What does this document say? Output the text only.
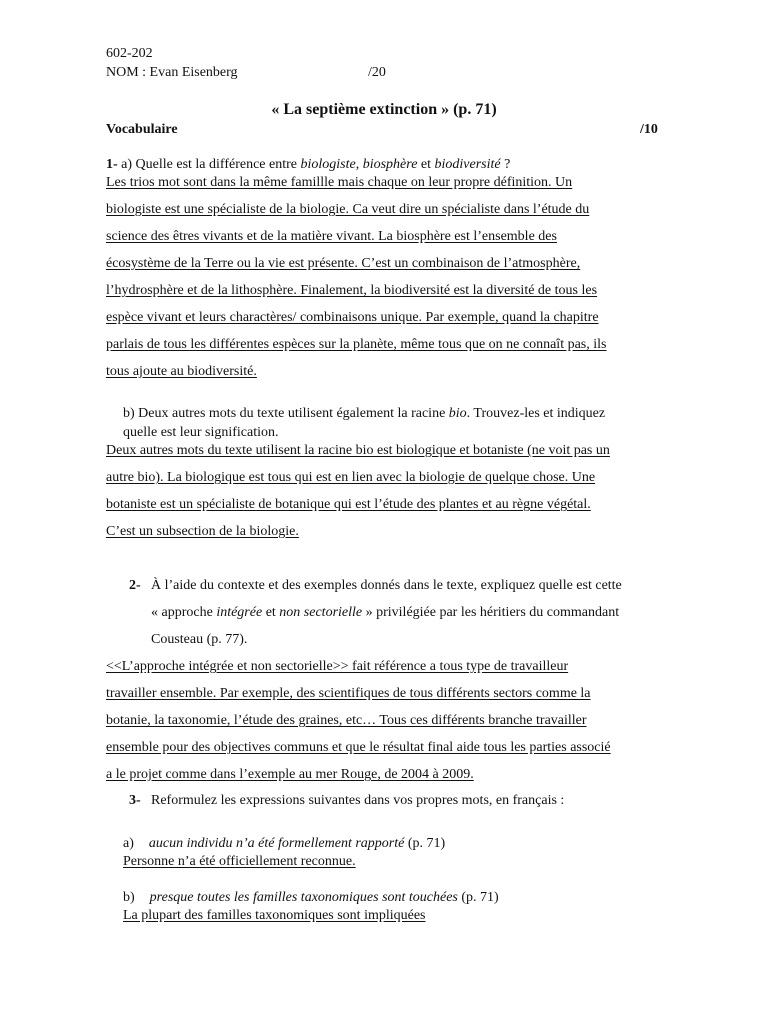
602-202
NOM : Evan Eisenberg	/20
« La septième extinction » (p. 71)
Vocabulaire	/10
1- a) Quelle est la différence entre biologiste, biosphère et biodiversité ?
Les trios mot sont dans la même famillle mais chaque on leur propre définition. Un
biologiste est une spécialiste de la biologie. Ca veut dire un spécialiste dans l’étude du
science des êtres vivants et de la matière vivant. La biosphère est l’ensemble des
écosystème de la Terre ou la vie est présente. C’est un combinaison de l’atmosphère,
l’hydrosphère et de la lithosphère. Finalement, la biodiversité est la diversité de tous les
espèce vivant et leurs charactères/ combinaisons unique. Par exemple, quand la chapitre
parlais de tous les différentes espèces sur la planète, même tous que on ne connaît pas, ils
tous ajoute au biodiversité.
b) Deux autres mots du texte utilisent également la racine bio. Trouvez-les et indiquez
quelle est leur signification.
Deux autres mots du texte utilisent la racine bio est biologique et botaniste (ne voit pas un
autre bio). La biologique est tous qui est en lien avec la biologie de quelque chose. Une
botaniste est un spécialiste de botanique qui est l’étude des plantes et au règne végétal.
C’est un subsection de la biologie.
2- À l’aide du contexte et des exemples donnés dans le texte, expliquez quelle est cette
« approche intégrée et non sectorielle » privilégiée par les héritiers du commandant
Cousteau (p. 77).
<<L’approche intégrée et non sectorielle>> fait référence a tous type de travailleur
travailler ensemble. Par exemple, des scientifiques de tous différents sectors comme la
botanie, la taxonomie, l’étude des graines, etc… Tous ces différents branche travailler
ensemble pour des objectives communs et que le résultat final aide tous les parties associé
a le projet comme dans l’exemple au mer Rouge, de 2004 à 2009.
3- Reformulez les expressions suivantes dans vos propres mots, en français :
a) aucun individu n’a été formellement rapporté (p. 71)
Personne n’a été officiellement reconnue.
b) presque toutes les familles taxonomiques sont touchées (p. 71)
La plupart des familles taxonomiques sont impliquées
